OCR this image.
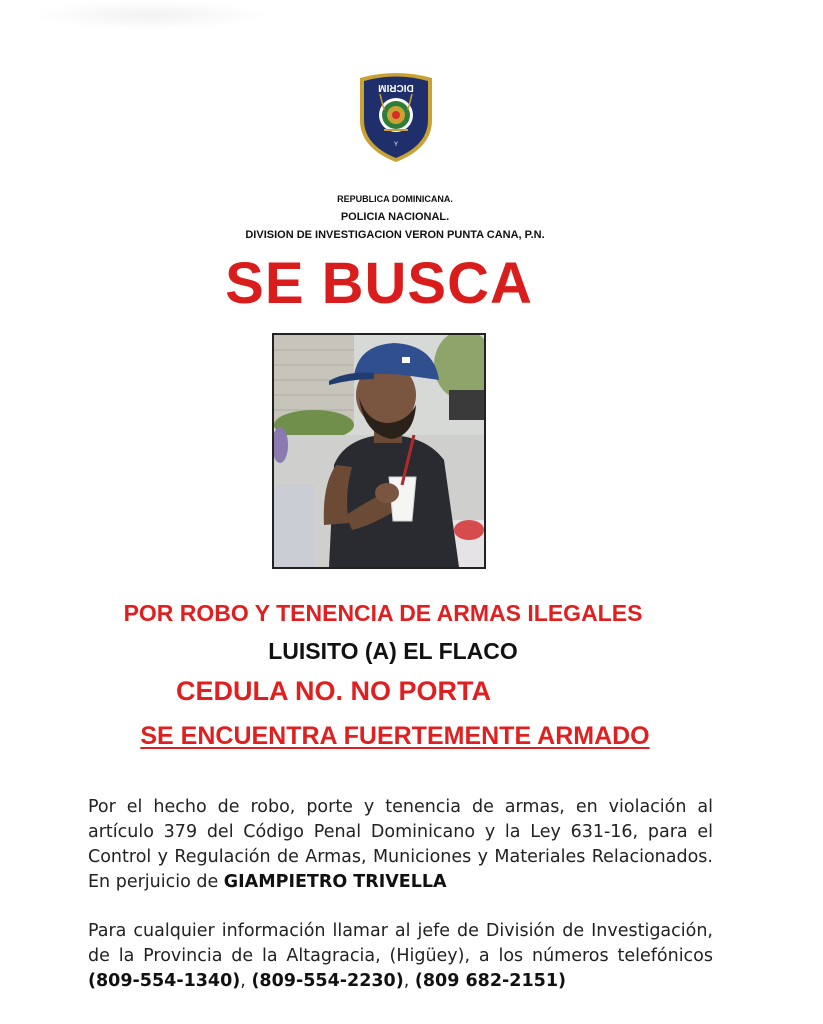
DICRIM
Y
REPUBLICA DOMINICANA.
POLICIA NACIONAL.
DIVISION DE INVESTIGACION VERON PUNTA CANA, P.N.
SE BUSCA
POR ROBO Y TENENCIA DE ARMAS ILEGALES
LUISITO (A) EL FLACO
CEDULA NO. NO PORTA
SE ENCUENTRA FUERTEMENTE ARMADO
Por el hecho de robo, porte y tenencia de armas, en violación al artículo 379 del Código Penal Dominicano y la Ley 631-16, para el Control y Regulación de Armas, Municiones y Materiales Relacionados. En perjuicio de GIAMPIETRO TRIVELLA
Para cualquier información llamar al jefe de División de Investigación, de la Provincia de la Altagracia, (Higüey), a los números telefónicos (809-554-1340), (809-554-2230), (809 682-2151)
